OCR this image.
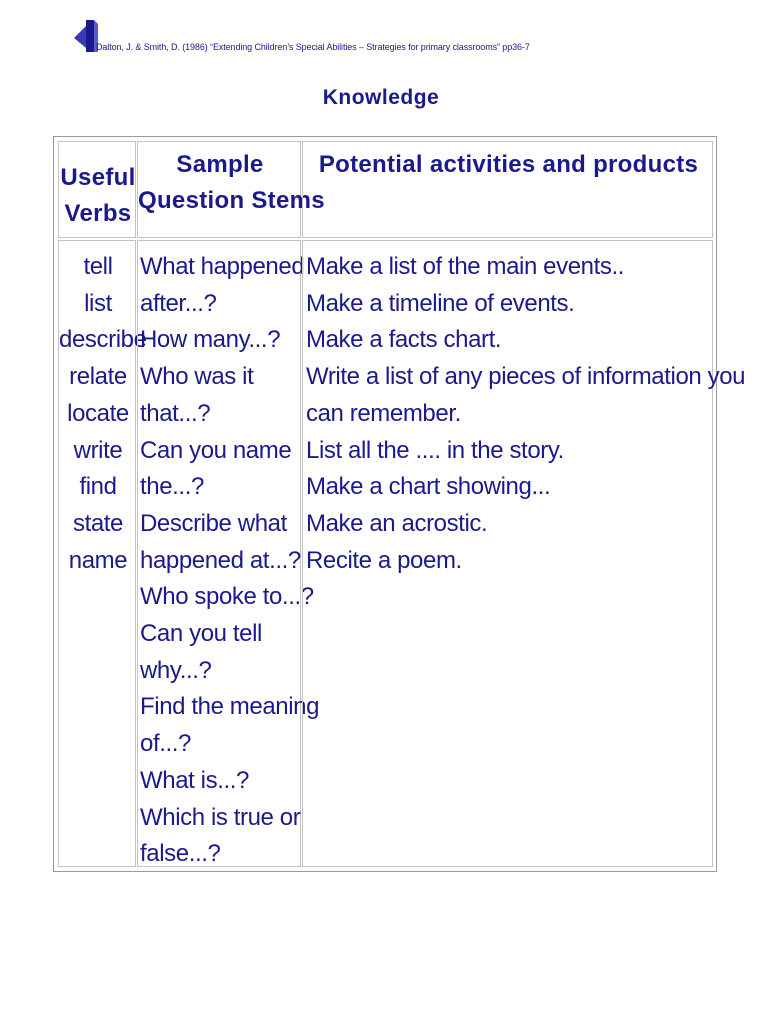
Dalton, J. & Smith, D. (1986) “Extending Children’s Special Abilities – Strategies for primary classrooms” pp36-7
Knowledge
Useful
Verbs
Sample
Question Stems
Potential activities and products
tell
list
describe
relate
locate
write
find
state
name
What happened
after...?
How many...?
Who was it
that...?
Can you name
the...?
Describe what
happened at...?
Who spoke to...?
Can you tell
why...?
Find the meaning
of...?
What is...?
Which is true or
false...?
Make a list of the main events..
Make a timeline of events.
Make a facts chart.
Write a list of any pieces of information you
can remember.
List all the .... in the story.
Make a chart showing...
Make an acrostic.
Recite a poem.
